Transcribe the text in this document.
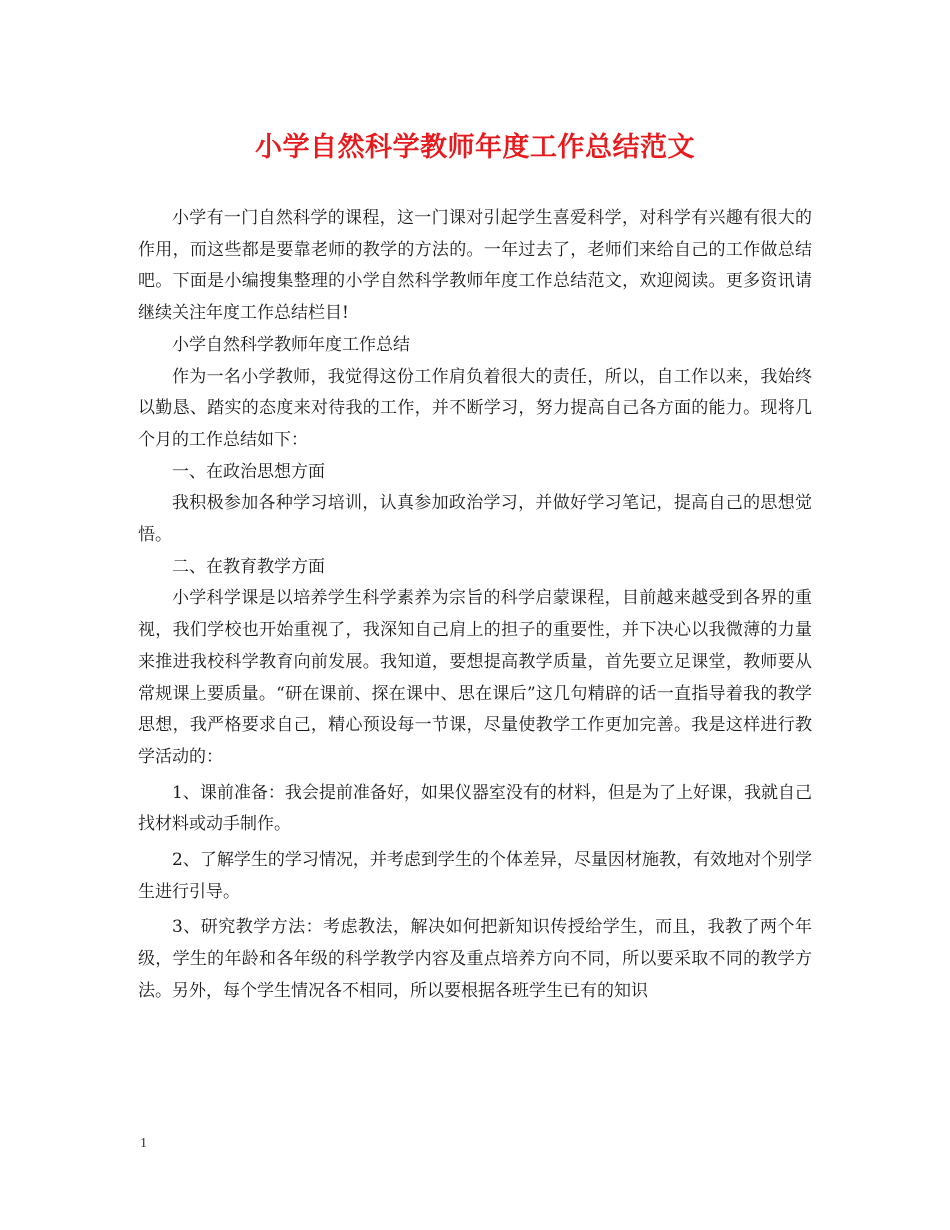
小学自然科学教师年度工作总结范文

小学有一门自然科学的课程，这一门课对引起学生喜爱科学，对科学有兴趣有很大的作用，而这些都是要靠老师的教学的方法的。一年过去了，老师们来给自己的工作做总结吧。下面是小编搜集整理的小学自然科学教师年度工作总结范文，欢迎阅读。更多资讯请继续关注年度工作总结栏目!

小学自然科学教师年度工作总结

作为一名小学教师，我觉得这份工作肩负着很大的责任，所以，自工作以来，我始终以勤恳、踏实的态度来对待我的工作，并不断学习，努力提高自己各方面的能力。现将几个月的工作总结如下：

一、在政治思想方面

我积极参加各种学习培训，认真参加政治学习，并做好学习笔记，提高自己的思想觉悟。

二、在教育教学方面

小学科学课是以培养学生科学素养为宗旨的科学启蒙课程，目前越来越受到各界的重视，我们学校也开始重视了，我深知自己肩上的担子的重要性，并下决心以我微薄的力量来推进我校科学教育向前发展。我知道，要想提高教学质量，首先要立足课堂，教师要从常规课上要质量。“研在课前、探在课中、思在课后”这几句精辟的话一直指导着我的教学思想，我严格要求自己，精心预设每一节课，尽量使教学工作更加完善。我是这样进行教学活动的：

1、课前准备：我会提前准备好，如果仪器室没有的材料，但是为了上好课，我就自己找材料或动手制作。

2、了解学生的学习情况，并考虑到学生的个体差异，尽量因材施教，有效地对个别学生进行引导。

3、研究教学方法：考虑教法，解决如何把新知识传授给学生，而且，我教了两个年级，学生的年龄和各年级的科学教学内容及重点培养方向不同，所以要采取不同的教学方法。另外，每个学生情况各不相同，所以要根据各班学生已有的知识

1
